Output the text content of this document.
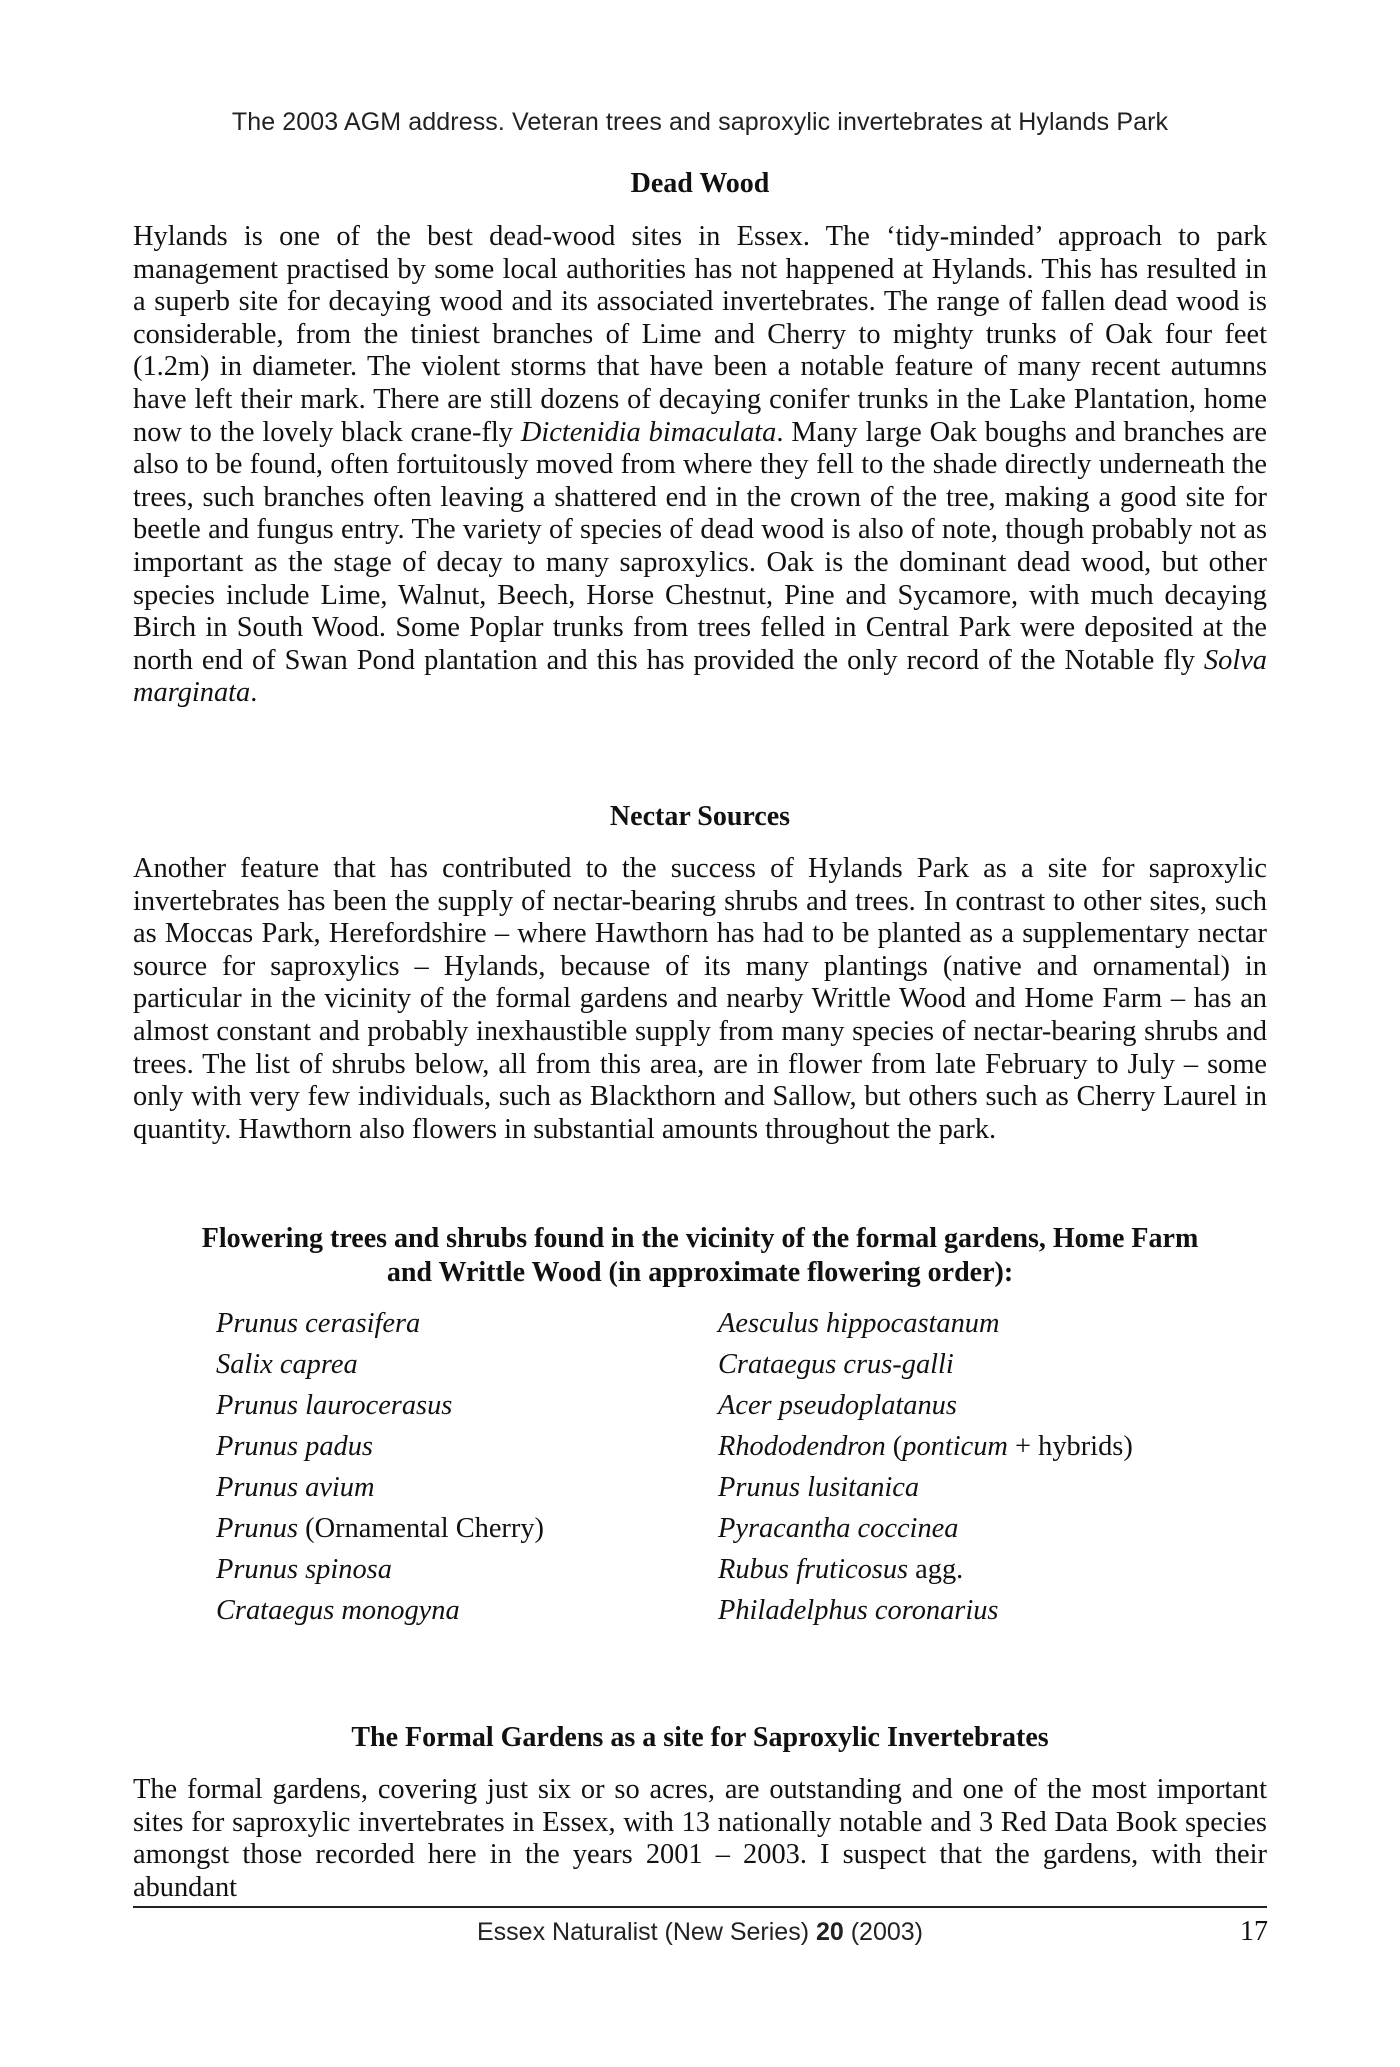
The 2003 AGM address. Veteran trees and saproxylic invertebrates at Hylands Park
Dead Wood

Hylands is one of the best dead-wood sites in Essex. The ‘tidy-minded’ approach to park management practised by some local authorities has not happened at Hylands. This has resulted in a superb site for decaying wood and its associated invertebrates. The range of fallen dead wood is considerable, from the tiniest branches of Lime and Cherry to mighty trunks of Oak four feet (1.2m) in diameter. The violent storms that have been a notable feature of many recent autumns have left their mark. There are still dozens of decaying conifer trunks in the Lake Plantation, home now to the lovely black crane-fly Dictenidia bimaculata. Many large Oak boughs and branches are also to be found, often fortuitously moved from where they fell to the shade directly underneath the trees, such branches often leaving a shattered end in the crown of the tree, making a good site for beetle and fungus entry. The variety of species of dead wood is also of note, though probably not as important as the stage of decay to many saproxylics. Oak is the dominant dead wood, but other species include Lime, Walnut, Beech, Horse Chestnut, Pine and Sycamore, with much decaying Birch in South Wood. Some Poplar trunks from trees felled in Central Park were deposited at the north end of Swan Pond plantation and this has provided the only record of the Notable fly Solva marginata.

Nectar Sources

Another feature that has contributed to the success of Hylands Park as a site for saproxylic invertebrates has been the supply of nectar-bearing shrubs and trees. In contrast to other sites, such as Moccas Park, Herefordshire – where Hawthorn has had to be planted as a supplementary nectar source for saproxylics – Hylands, because of its many plantings (native and ornamental) in particular in the vicinity of the formal gardens and nearby Writtle Wood and Home Farm – has an almost constant and probably inexhaustible supply from many species of nectar-bearing shrubs and trees. The list of shrubs below, all from this area, are in flower from late February to July – some only with very few individuals, such as Blackthorn and Sallow, but others such as Cherry Laurel in quantity. Hawthorn also flowers in substantial amounts throughout the park.

Flowering trees and shrubs found in the vicinity of the formal gardens, Home Farm
and Writtle Wood (in approximate flowering order):
Prunus cerasifera
Salix caprea
Prunus laurocerasus
Prunus padus
Prunus avium
Prunus (Ornamental Cherry)
Prunus spinosa
Crataegus monogyna
Aesculus hippocastanum
Crataegus crus-galli
Acer pseudoplatanus
Rhododendron (ponticum + hybrids)
Prunus lusitanica
Pyracantha coccinea
Rubus fruticosus agg.
Philadelphus coronarius
The Formal Gardens as a site for Saproxylic Invertebrates

The formal gardens, covering just six or so acres, are outstanding and one of the most important sites for saproxylic invertebrates in Essex, with 13 nationally notable and 3 Red Data Book species amongst those recorded here in the years 2001 – 2003. I suspect that the gardens, with their abundant

Essex Naturalist (New Series) 20 (2003)	17
